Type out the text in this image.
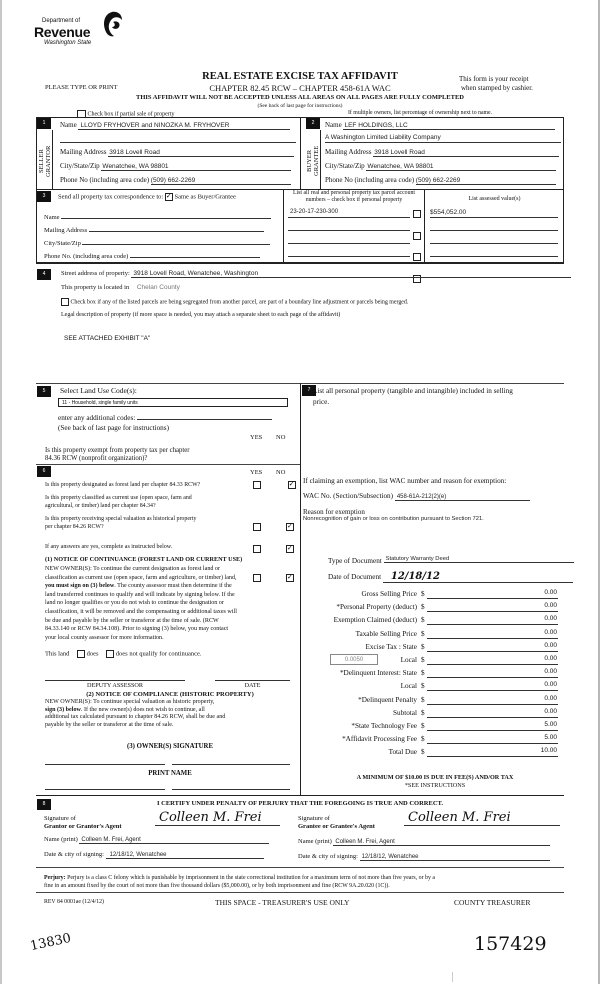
Department of
Revenue
Washington State
REAL ESTATE EXCISE TAX AFFIDAVIT
PLEASE TYPE OR PRINT	CHAPTER 82.45 RCW – CHAPTER 458-61A WAC
This form is your receipt
when stamped by cashier.
THIS AFFIDAVIT WILL NOT BE ACCEPTED UNLESS ALL AREAS ON ALL PAGES ARE FULLY COMPLETED
(See back of last page for instructions)
Check box if partial sale of property	If multiple owners, list percentage of ownership next to name.
1
SELLER
GRANTOR
Name LLOYD FRYHOVER and NINOZKA M. FRYHOVER
Mailing Address 3918 Lovell Road
City/State/Zip Wenatchee, WA 98801
Phone No (including area code) (509) 662-2269
2
BUYER
GRANTEE
Name LEF HOLDINGS, LLC
A Washington Limited Liability Company
Mailing Address 3918 Lovell Road
City/State/Zip Wenatchee, WA 98801
Phone No (including area code) (509) 662-2269
3	Send all property tax correspondence to: ✓ Same as Buyer/Grantee
Name
Mailing Address
City/State/Zip
Phone No. (including area code)
List all real and personal property tax parcel account
numbers – check box if personal property	List assessed value(s)
23-20-17-230-300	$554,052.00
4	Street address of property: 3918 Lovell Road, Wenatchee, Washington
This property is located in Chelan County
Check box if any of the listed parcels are being segregated from another parcel, are part of a boundary line adjustment or parcels being merged.
Legal description of property (if more space is needed, you may attach a separate sheet to each page of the affidavit)
SEE ATTACHED EXHIBIT "A"
5	Select Land Use Code(s):
11 - Household, single family units
enter any additional codes:
(See back of last page for instructions)
YES NO
Is this property exempt from property tax per chapter
84.36 RCW (nonprofit organization)?
✓
7 List all personal property (tangible and intangible) included in selling
price.
6	YES NO
Is this property designated as forest land per chapter 84.33 RCW?
✓
Is this property classified as current use (open space, farm and
agricultural, or timber) land per chapter 84.34?
✓
Is this property receiving special valuation as historical property
per chapter 84.26 RCW?
✓
If any answers are yes, complete as instructed below.
(1) NOTICE OF CONTINUANCE (FOREST LAND OR CURRENT USE)
NEW OWNER(S): To continue the current designation as forest land or
classification as current use (open space, farm and agriculture, or timber) land,
you must sign on (3) below. The county assessor must then determine if the
land transferred continues to qualify and will indicate by signing below. If the
land no longer qualifies or you do not wish to continue the designation or
classification, it will be removed and the compensating or additional taxes will
be due and payable by the seller or transferor at the time of sale. (RCW
84.33.140 or RCW 84.34.108). Prior to signing (3) below, you may contact
your local county assessor for more information.
This land	does	does not qualify for continuance.
DEPUTY ASSESSOR	DATE
(2) NOTICE OF COMPLIANCE (HISTORIC PROPERTY)
NEW OWNER(S): To continue special valuation as historic property,
sign (3) below. If the new owner(s) does not wish to continue, all
additional tax calculated pursuant to chapter 84.26 RCW, shall be due and
payable by the seller or transferor at the time of sale.
(3) OWNER(S) SIGNATURE
PRINT NAME
If claiming an exemption, list WAC number and reason for exemption:
WAC No. (Section/Subsection) 458-61A-212(2)(e)
Reason for exemption
Nonrecognition of gain or loss on contribution pursuant to Section 721.
Type of Document Statutory Warranty Deed
Date of Document 12/18/12
0.0050
Gross Selling Price $	0.00
*Personal Property (deduct) $	0.00
Exemption Claimed (deduct) $	0.00
Taxable Selling Price $	0.00
Excise Tax : State $	0.00
Local $	0.00
*Delinquent Interest: State $	0.00
Local $	0.00
*Delinquent Penalty $	0.00
Subtotal $	0.00
*State Technology Fee $	5.00
*Affidavit Processing Fee $	5.00
Total Due $	10.00
A MINIMUM OF $10.00 IS DUE IN FEE(S) AND/OR TAX
*SEE INSTRUCTIONS
8	I CERTIFY UNDER PENALTY OF PERJURY THAT THE FOREGOING IS TRUE AND CORRECT.
Signature of
Grantor or Grantor's Agent
Colleen M. Frei
Name (print) Colleen M. Frei, Agent
Date & city of signing: 12/18/12, Wenatchee
Signature of
Grantee or Grantee's Agent
Colleen M. Frei
Name (print) Colleen M. Frei, Agent
Date & city of signing: 12/18/12, Wenatchee
Perjury: Perjury is a class C felony which is punishable by imprisonment in the state correctional institution for a maximum term of not more than five years, or by a
fine in an amount fixed by the court of not more than five thousand dollars ($5,000.00), or by both imprisonment and fine (RCW 9A.20.020 (1C)).
REV 84 0001ae (12/4/12)	THIS SPACE - TREASURER'S USE ONLY	COUNTY TREASURER
13830	157429
